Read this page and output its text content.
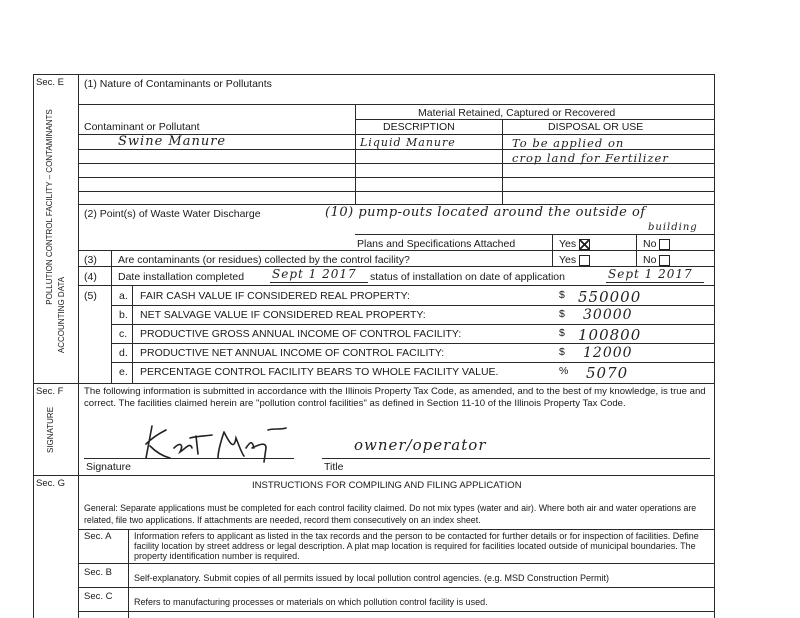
Sec. E
POLLUTION CONTROL FACILITY – CONTAMINANTS
ACCOUNTING DATA
(1) Nature of Contaminants or Pollutants
Material Retained, Captured or Recovered
Contaminant or Pollutant	DESCRIPTION	DISPOSAL OR USE
Swine Manure	Liquid Manure	To be applied on
crop land for Fertilizer
(2) Point(s) of Waste Water Discharge	(10) pump-outs located around the outside of
building
Plans and Specifications Attached	Yes	No
(3) Are contaminants (or residues) collected by the control facility?	Yes	No
(4) Date installation completed Sept 1 2017 status of installation on date of application	Sept 1 2017
(5) a. FAIR CASH VALUE IF CONSIDERED REAL PROPERTY:	$ 550000
b. NET SALVAGE VALUE IF CONSIDERED REAL PROPERTY:	$ 30000
c. PRODUCTIVE GROSS ANNUAL INCOME OF CONTROL FACILITY:	$ 100800
d. PRODUCTIVE NET ANNUAL INCOME OF CONTROL FACILITY:	$ 12000
e. PERCENTAGE CONTROL FACILITY BEARS TO WHOLE FACILITY VALUE.	% 5070
Sec. F
SIGNATURE
The following information is submitted in accordance with the Illinois Property Tax Code, as amended, and to the best of my knowledge, is true and correct. The facilities claimed herein are "pollution control facilities" as defined in Section 11-10 of the Illinois Property Tax Code.
owner/operator
Signature	Title
Sec. G	INSTRUCTIONS FOR COMPILING AND FILING APPLICATION
General: Separate applications must be completed for each control facility claimed. Do not mix types (water and air). Where both air and water operations are related, file two applications. If attachments are needed, record them consecutively on an index sheet.
Sec. A	Information refers to applicant as listed in the tax records and the person to be contacted for further details or for inspection of facilities. Define facility location by street address or legal description. A plat map location is required for facilities located outside of municipal boundaries. The property identification number is required.
Sec. B Self-explanatory. Submit copies of all permits issued by local pollution control agencies. (e.g. MSD Construction Permit)
Sec. C Refers to manufacturing processes or materials on which pollution control facility is used.
